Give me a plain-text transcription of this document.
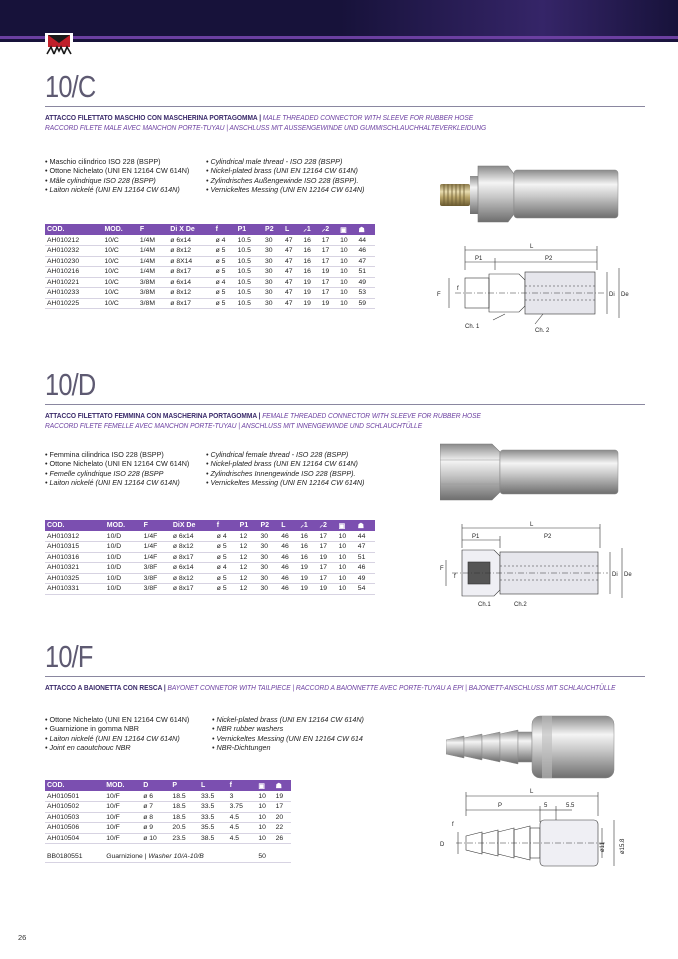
10/C
ATTACCO FILETTATO MASCHIO CON MASCHERINA PORTAGOMMA | MALE THREADED CONNECTOR WITH SLEEVE FOR RUBBER HOSE
RACCORD FILETE MALE AVEC MANCHON PORTE-TUYAU | ANSCHLUSS MIT AUSSENGEWINDE UND GUMMISCHLAUCHHALTEVERKLEIDUNG
• Maschio cilindrico ISO 228 (BSPP)
• Ottone Nichelato (UNI EN 12164 CW 614N)
• Mâle cylindrique ISO 228 (BSPP)
• Laiton nickelé (UNI EN 12164 CW 614N)
• Cylindrical male thread - ISO 228 (BSPP)
• Nickel-plated brass (UNI EN 12164 CW 614N)
• Zylindrisches Außengewinde ISO 228 (BSPP).
• Vernickeltes Messing (UNI EN 12164 CW 614N)
COD.	MOD.	F	Di X De	f	P1	P2	L	⸝1	⸝2	▣	☗
AH010212	10/C	1/4M	ø 6x14	ø 4	10.5	30	47	16	17	10	44
AH010232	10/C	1/4M	ø 8x12	ø 5	10.5	30	47	16	17	10	46
AH010230	10/C	1/4M	ø 8X14	ø 5	10.5	30	47	16	17	10	47
AH010216	10/C	1/4M	ø 8x17	ø 5	10.5	30	47	16	19	10	51
AH010221	10/C	3/8M	ø 6x14	ø 4	10.5	30	47	19	17	10	49
AH010233	10/C	3/8M	ø 8x12	ø 5	10.5	30	47	19	17	10	53
AH010225	10/C	3/8M	ø 8x17	ø 5	10.5	30	47	19	19	10	59
L
P1	P2
F
f
Di De
Ch. 1
Ch. 2
10/D
ATTACCO FILETTATO FEMMINA CON MASCHERINA PORTAGOMMA | FEMALE THREADED CONNECTOR WITH SLEEVE FOR RUBBER HOSE
RACCORD FILETE FEMELLE AVEC MANCHON PORTE-TUYAU | ANSCHLUSS MIT INNENGEWINDE UND SCHLAUCHTÜLLE
• Femmina cilindrica ISO 228 (BSPP)
• Ottone Nichelato (UNI EN 12164 CW 614N)
• Femelle cylindrique ISO 228 (BSPP
• Laiton nickelé (UNI EN 12164 CW 614N)
• Cylindrical female thread - ISO 228 (BSPP)
• Nickel-plated brass (UNI EN 12164 CW 614N)
• Zylindrisches Innengewinde ISO 228 (BSPP).
• Vernickeltes Messing (UNI EN 12164 CW 614N)
COD.	MOD.	F	DiX De	f	P1	P2	L	⸝1	⸝2	▣	☗
AH010312	10/D	1/4F	ø 6x14	ø 4	12	30	46	16	17	10	44
AH010315	10/D	1/4F	ø 8x12	ø 5	12	30	46	16	17	10	47
AH010316	10/D	1/4F	ø 8x17	ø 5	12	30	46	16	19	10	51
AH010321	10/D	3/8F	ø 6x14	ø 4	12	30	46	19	17	10	46
AH010325	10/D	3/8F	ø 8x12	ø 5	12	30	46	19	17	10	49
AH010331	10/D	3/8F	ø 8x17	ø 5	12	30	46	19	19	10	54
L
P1	P2
F
f	Di De
Ch.1	Ch.2
10/F
ATTACCO A BAIONETTA CON RESCA | BAYONET CONNETOR WITH TAILPIECE | RACCORD A BAIONNETTE AVEC PORTE-TUYAU A EPI | BAJONETT-ANSCHLUSS MIT SCHLAUCHTÜLLE
• Ottone Nichelato (UNI EN 12164 CW 614N)
• Guarnizione in gomma NBR
• Laiton nickelé (UNI EN 12164 CW 614N)
• Joint en caoutchouc NBR
• Nickel-plated brass (UNI EN 12164 CW 614N)
• NBR rubber washers
• Vernickeltes Messing (UNI EN 12164 CW 614
• NBR-Dichtungen
COD.	MOD.	D	P	L	f	▣	☗
AH010501	10/F	ø 6	18.5	33.5	3	10	19
AH010502	10/F	ø 7	18.5	33.5	3.75	10	17
AH010503	10/F	ø 8	18.5	33.5	4.5	10	20
AH010506	10/F	ø 9	20.5	35.5	4.5	10	22
AH010504	10/F	ø 10	23.5	38.5	4.5	10	26

BB0180551	Guarnizione | Washer 10/A-10/B					50	
L
P	5	5.5
f
D	ø11 ø15.8
26
